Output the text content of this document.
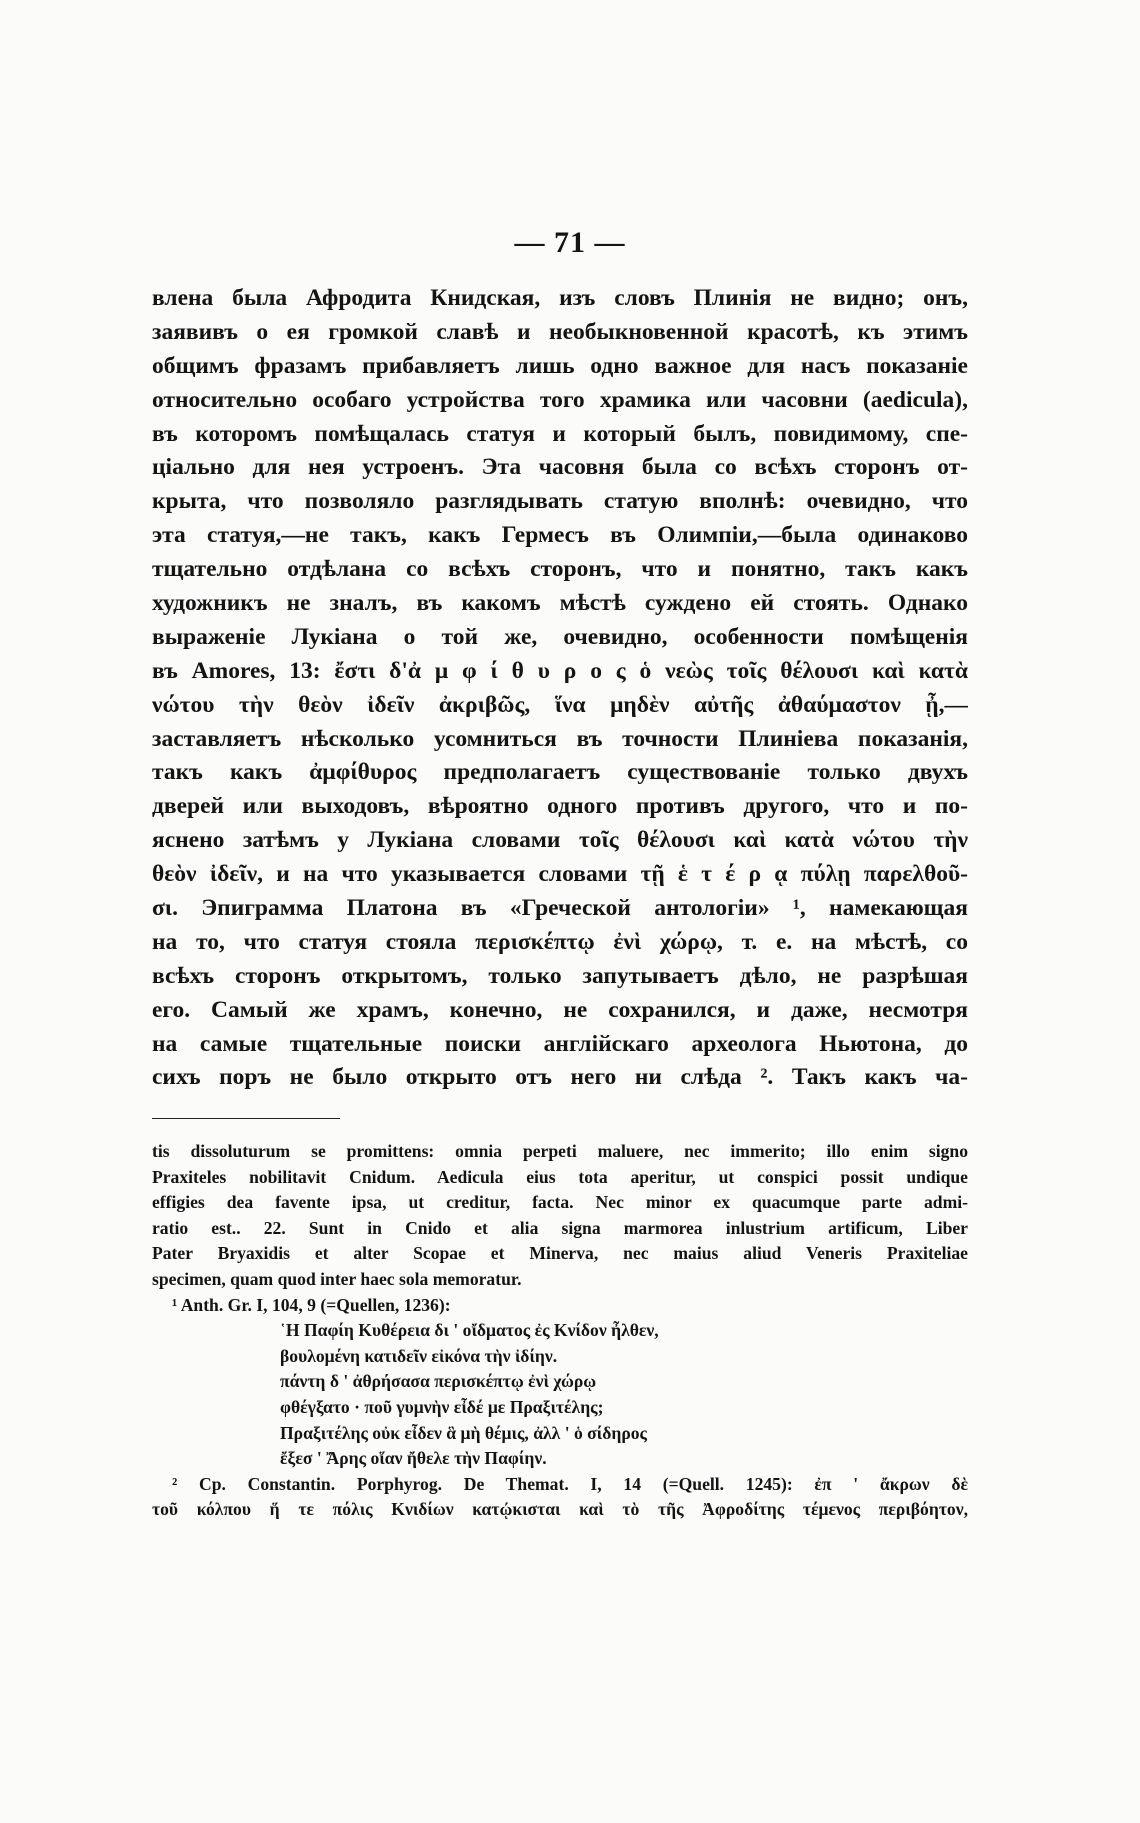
— 71 —
влена была Афродита Книдская, изъ словъ Плинія не видно; онъ,
заявивъ о ея громкой славѣ и необыкновенной красотѣ, къ этимъ
общимъ фразамъ прибавляетъ лишь одно важное для насъ показаніе
относительно особаго устройства того храмика или часовни (aedicula),
въ которомъ помѣщалась статуя и который былъ, повидимому, спе-
ціально для нея устроенъ. Эта часовня была со всѣхъ сторонъ от-
крыта, что позволяло разглядывать статую вполнѣ: очевидно, что
эта статуя,—не такъ, какъ Гермесъ въ Олимпіи,—была одинаково
тщательно отдѣлана со всѣхъ сторонъ, что и понятно, такъ какъ
художникъ не зналъ, въ какомъ мѣстѣ суждено ей стоять. Однако
выраженіе Лукіана о той же, очевидно, особенности помѣщенія
въ Amores, 13: ἔστι δ'ἀ μ φ ί θ υ ρ ο ς ὁ νεὼς τοῖς θέλουσι καὶ κατὰ
νώτου τὴν θεὸν ἰδεῖν ἀκριβῶς, ἵνα μηδὲν αὐτῆς ἀθαύμαστον ᾖ,—
заставляетъ нѣсколько усомниться въ точности Плиніева показанія,
такъ какъ ἀμφίθυρος предполагаетъ существованіе только двухъ
дверей или выходовъ, вѣроятно одного противъ другого, что и по-
яснено затѣмъ у Лукіана словами τοῖς θέλουσι καὶ κατὰ νώτου τὴν
θεὸν ἰδεῖν, и на что указывается словами τῇ ἑ τ έ ρ ᾳ πύλῃ παρελθοῦ-
σι. Эпиграмма Платона въ «Греческой антологіи» ¹, намекающая
на то, что статуя стояла περισκέπτῳ ἐνὶ χώρῳ, т. е. на мѣстѣ, со
всѣхъ сторонъ открытомъ, только запутываетъ дѣло, не разрѣшая
его. Самый же храмъ, конечно, не сохранился, и даже, несмотря
на самые тщательные поиски англійскаго археолога Ньютона, до
сихъ поръ не было открыто отъ него ни слѣда ². Такъ какъ ча-
tis dissoluturum se promittens: omnia perpeti maluere, nec immerito; illo enim signo
Praxiteles nobilitavit Cnidum. Aedicula eius tota aperitur, ut conspici possit undique
effigies dea favente ipsa, ut creditur, facta. Nec minor ex quacumque parte admi-
ratio est.. 22. Sunt in Cnido et alia signa marmorea inlustrium artificum, Liber
Pater Bryaxidis et alter Scopae et Minerva, nec maius aliud Veneris Praxiteliae
specimen, quam quod inter haec sola memoratur.
¹ Anth. Gr. I, 104, 9 (=Quellen, 1236):
῾Η Παφίη Κυθέρεια δι ' οἴδματος ἐς Κνίδον ἦλθεν,
βουλομένη κατιδεῖν εἰκόνα τὴν ἰδίην.
πάντη δ ' ἀθρήσασα περισκέπτῳ ἐνὶ χώρῳ
φθέγξατο · ποῦ γυμνὴν εἶδέ με Πραξιτέλης;
Πραξιτέλης οὐκ εἶδεν ἃ μὴ θέμις, ἀλλ ' ὁ σίδηρος
ἔξεσ ' Ἄρης οἵαν ἤθελε τὴν Παφίην.
² Cp. Constantin. Porphyrog. De Themat. I, 14 (=Quell. 1245): ἐπ ' ἄκρων δὲ
τοῦ κόλπου ἥ τε πόλις Κνιδίων κατῴκισται καὶ τὸ τῆς Ἀφροδίτης τέμενος περιβόητον,
